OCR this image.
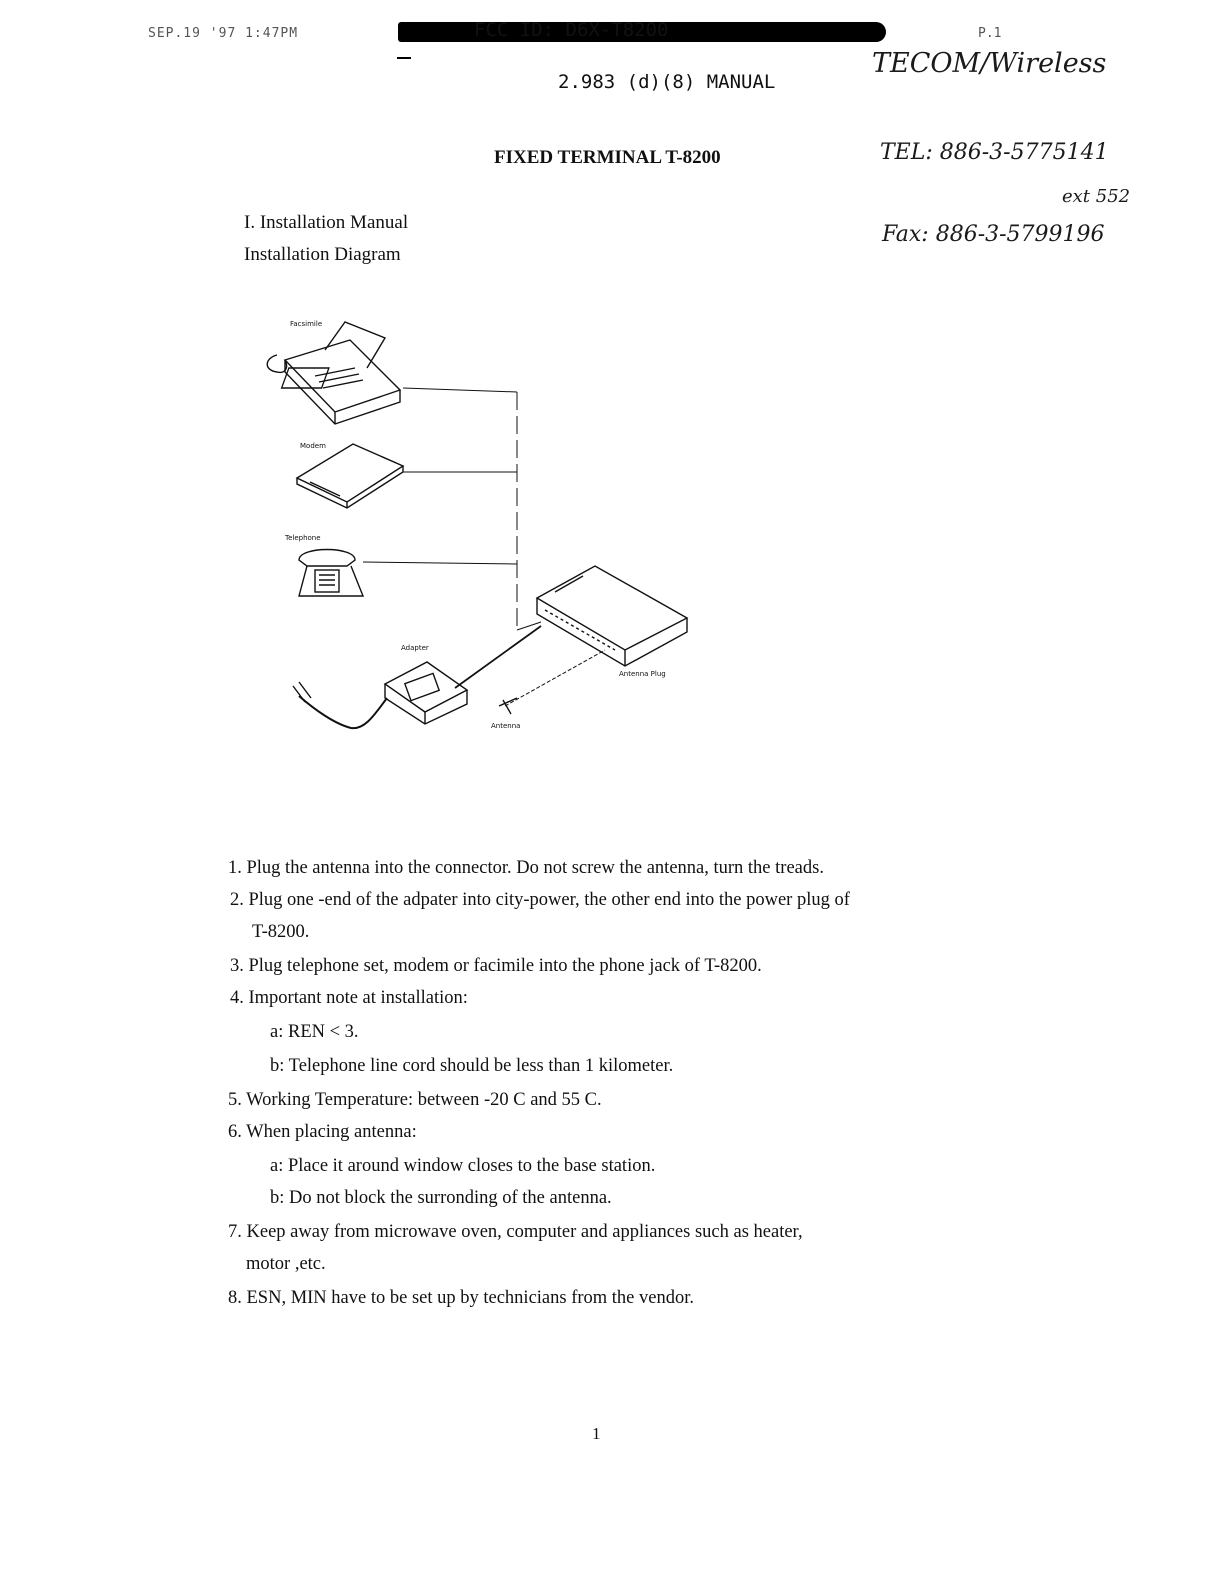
SEP.19 '97 1:47PM	P.1
FCC ID: D6X-T8200
2.983 (d)(8) MANUAL
TECOM/Wireless
TEL: 886-3-5775141
ext 552
Fax: 886-3-5799196
FIXED TERMINAL T-8200
I. Installation Manual
Installation Diagram
Facsimile
Modem
Telephone
Adapter
Antenna Plug
Antenna
1. Plug the antenna into the connector. Do not screw the antenna, turn the treads.
2. Plug one -end of the adpater into city-power, the other end into the power plug of
T-8200.
3. Plug telephone set, modem or facimile into the phone jack of T-8200.
4. Important note at installation:
a: REN < 3.
b: Telephone line cord should be less than 1 kilometer.
5. Working Temperature: between -20 C and 55 C.
6. When placing antenna:
a: Place it around window closes to the base station.
b: Do not block the surronding of the antenna.
7. Keep away from microwave oven, computer and appliances such as heater,
motor ,etc.
8. ESN, MIN have to be set up by technicians from the vendor.
1
